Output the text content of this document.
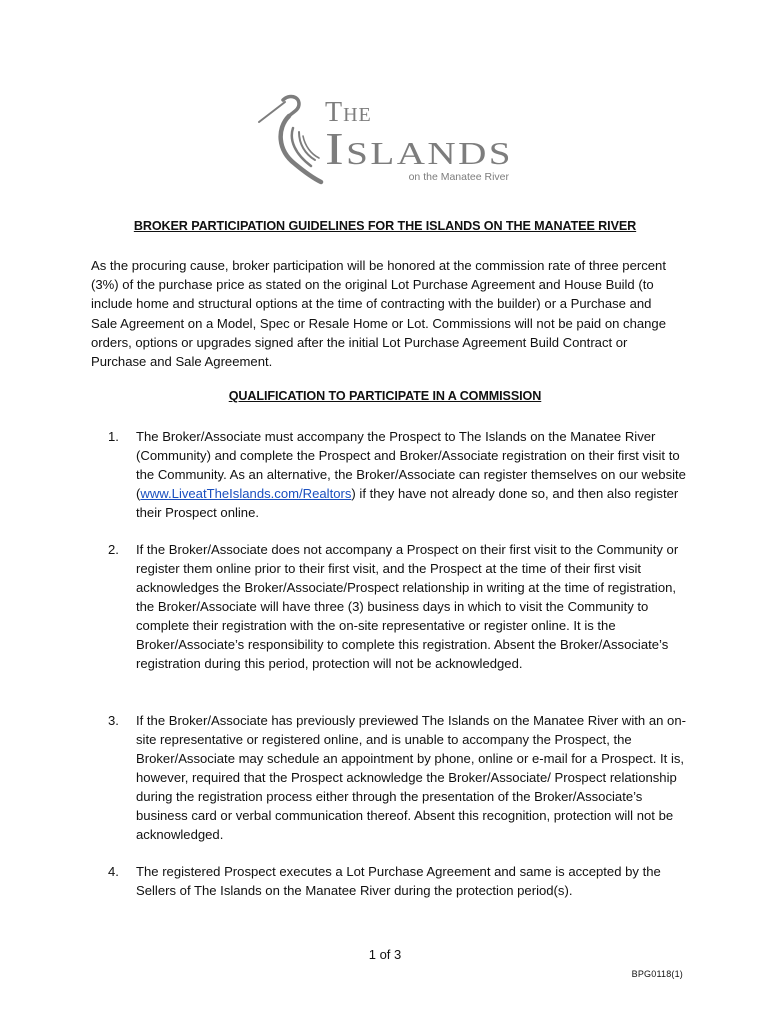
The
Islands
on the Manatee River
BROKER PARTICIPATION GUIDELINES FOR THE ISLANDS ON THE MANATEE RIVER

As the procuring cause, broker participation will be honored at the commission rate of three percent (3%) of the purchase price as stated on the original Lot Purchase Agreement and House Build (to include home and structural options at the time of contracting with the builder) or a Purchase and Sale Agreement on a Model, Spec or Resale Home or Lot. Commissions will not be paid on change orders, options or upgrades signed after the initial Lot Purchase Agreement Build Contract or Purchase and Sale Agreement.

QUALIFICATION TO PARTICIPATE IN A COMMISSION
1.	The Broker/Associate must accompany the Prospect to The Islands on the Manatee River (Community) and complete the Prospect and Broker/Associate registration on their first visit to the Community. As an alternative, the Broker/Associate can register themselves on our website (www.LiveatTheIslands.com/Realtors) if they have not already done so, and then also register their Prospect online.
2.	If the Broker/Associate does not accompany a Prospect on their first visit to the Community or register them online prior to their first visit, and the Prospect at the time of their first visit acknowledges the Broker/Associate/Prospect relationship in writing at the time of registration, the Broker/Associate will have three (3) business days in which to visit the Community to complete their registration with the on-site representative or register online. It is the Broker/Associate’s responsibility to complete this registration. Absent the Broker/Associate’s registration during this period, protection will not be acknowledged.
3.	If the Broker/Associate has previously previewed The Islands on the Manatee River with an on- site representative or registered online, and is unable to accompany the Prospect, the Broker/Associate may schedule an appointment by phone, online or e-mail for a Prospect. It is, however, required that the Prospect acknowledge the Broker/Associate/ Prospect relationship during the registration process either through the presentation of the Broker/Associate’s business card or verbal communication thereof. Absent this recognition, protection will not be acknowledged.
4.	The registered Prospect executes a Lot Purchase Agreement and same is accepted by the Sellers of The Islands on the Manatee River during the protection period(s).
1 of 3
BPG0118(1)
